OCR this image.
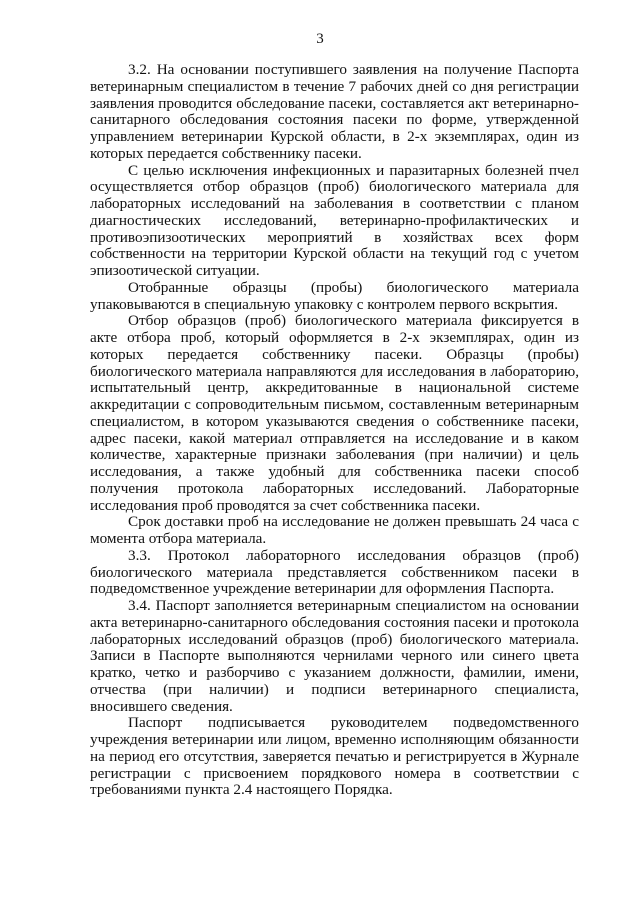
3

3.2. На основании поступившего заявления на получение Паспорта ветеринарным специалистом в течение 7 рабочих дней со дня регистрации заявления проводится обследование пасеки, составляется акт ветеринарно-санитарного обследования состояния пасеки по форме, утвержденной управлением ветеринарии Курской области, в 2-х экземплярах, один из которых передается собственнику пасеки.

С целью исключения инфекционных и паразитарных болезней пчел осуществляется отбор образцов (проб) биологического материала для лабораторных исследований на заболевания в соответствии с планом диагностических исследований, ветеринарно-профилактических и противоэпизоотических мероприятий в хозяйствах всех форм собственности на территории Курской области на текущий год с учетом эпизоотической ситуации.

Отобранные образцы (пробы) биологического материала упаковываются в специальную упаковку с контролем первого вскрытия.

Отбор образцов (проб) биологического материала фиксируется в акте отбора проб, который оформляется в 2-х экземплярах, один из которых передается собственнику пасеки. Образцы (пробы) биологического материала направляются для исследования в лабораторию, испытательный центр, аккредитованные в национальной системе аккредитации с сопроводительным письмом, составленным ветеринарным специалистом, в котором указываются сведения о собственнике пасеки, адрес пасеки, какой материал отправляется на исследование и в каком количестве, характерные признаки заболевания (при наличии) и цель исследования, а также удобный для собственника пасеки способ получения протокола лабораторных исследований. Лабораторные исследования проб проводятся за счет собственника пасеки.

Срок доставки проб на исследование не должен превышать 24 часа с момента отбора материала.

3.3. Протокол лабораторного исследования образцов (проб) биологического материала представляется собственником пасеки в подведомственное учреждение ветеринарии для оформления Паспорта.

3.4. Паспорт заполняется ветеринарным специалистом на основании акта ветеринарно-санитарного обследования состояния пасеки и протокола лабораторных исследований образцов (проб) биологического материала. Записи в Паспорте выполняются чернилами черного или синего цвета кратко, четко и разборчиво с указанием должности, фамилии, имени, отчества (при наличии) и подписи ветеринарного специалиста, вносившего сведения.

Паспорт подписывается руководителем подведомственного учреждения ветеринарии или лицом, временно исполняющим обязанности на период его отсутствия, заверяется печатью и регистрируется в Журнале регистрации с присвоением порядкового номера в соответствии с требованиями пункта 2.4 настоящего Порядка.
